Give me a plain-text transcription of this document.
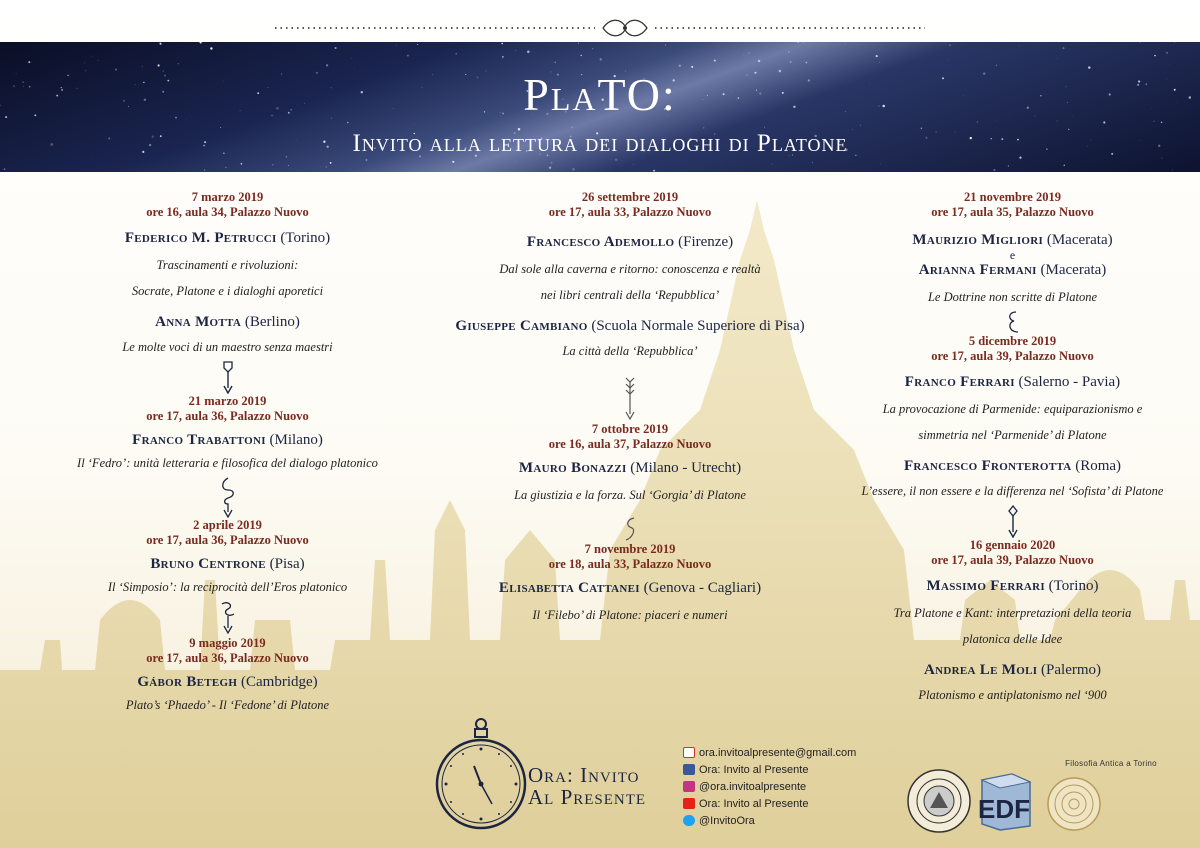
PlaTO:
Invito alla lettura dei dialoghi di Platone
7 marzo 2019
ore 16, aula 34, Palazzo Nuovo
Federico M. Petrucci (Torino)
Trascinamenti e rivoluzioni:
Socrate, Platone e i dialoghi aporetici
Anna Motta (Berlino)
Le molte voci di un maestro senza maestri
21 marzo 2019
ore 17, aula 36, Palazzo Nuovo
Franco Trabattoni (Milano)
Il ‘Fedro’: unità letteraria e filosofica del dialogo platonico
2 aprile 2019
ore 17, aula 36, Palazzo Nuovo
Bruno Centrone (Pisa)
Il ‘Simposio’: la reciprocità dell’Eros platonico
9 maggio 2019
ore 17, aula 36, Palazzo Nuovo
Gábor Betegh (Cambridge)
Plato’s ‘Phaedo’ - Il ‘Fedone’ di Platone
26 settembre 2019
ore 17, aula 33, Palazzo Nuovo
Francesco Ademollo (Firenze)
Dal sole alla caverna e ritorno: conoscenza e realtà
nei libri centrali della ‘Repubblica’
Giuseppe Cambiano (Scuola Normale Superiore di Pisa)
La città della ‘Repubblica’
7 ottobre 2019
ore 16, aula 37, Palazzo Nuovo
Mauro Bonazzi (Milano - Utrecht)
La giustizia e la forza. Sul ‘Gorgia’ di Platone
7 novembre 2019
ore 18, aula 33, Palazzo Nuovo
Elisabetta Cattanei (Genova - Cagliari)
Il ‘Filebo’ di Platone: piaceri e numeri
21 novembre 2019
ore 17, aula 35, Palazzo Nuovo
Maurizio Migliori (Macerata)
e
Arianna Fermani (Macerata)
Le Dottrine non scritte di Platone
5 dicembre 2019
ore 17, aula 39, Palazzo Nuovo
Franco Ferrari (Salerno - Pavia)
La provocazione di Parmenide: equiparazionismo e
simmetria nel ‘Parmenide’ di Platone
Francesco Fronterotta (Roma)
L’essere, il non essere e la differenza nel ‘Sofista’ di Platone
16 gennaio 2020
ore 17, aula 39, Palazzo Nuovo
Massimo Ferrari (Torino)
Tra Platone e Kant: interpretazioni della teoria
platonica delle Idee
Andrea Le Moli (Palermo)
Platonismo e antiplatonismo nel ‘900
Ora: Invito
Al Presente
ora.invitoalpresente@gmail.com
Ora: Invito al Presente
@ora.invitoalpresente
Ora: Invito al Presente
@InvitoOra	EDF
Filosofia Antica a Torino
